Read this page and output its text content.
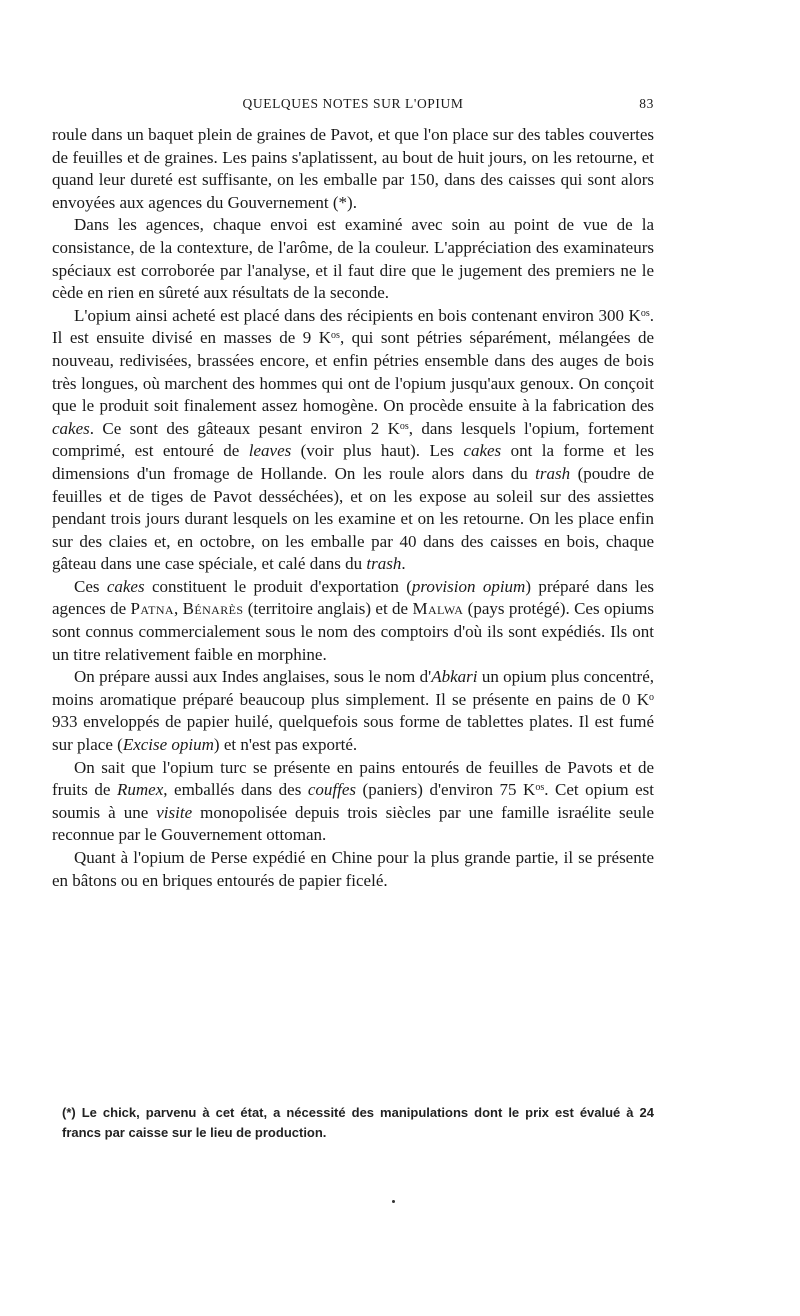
QUELQUES NOTES SUR L'OPIUM	83

roule dans un baquet plein de graines de Pavot, et que l'on place sur des tables couvertes de feuilles et de graines. Les pains s'aplatissent, au bout de huit jours, on les retourne, et quand leur dureté est suffisante, on les emballe par 150, dans des caisses qui sont alors envoyées aux agences du Gouvernement (*).

Dans les agences, chaque envoi est examiné avec soin au point de vue de la consistance, de la contexture, de l'arôme, de la couleur. L'appréciation des examinateurs spéciaux est corroborée par l'analyse, et il faut dire que le jugement des premiers ne le cède en rien en sûreté aux résultats de la seconde.

L'opium ainsi acheté est placé dans des récipients en bois contenant environ 300 $K^{os}$. Il est ensuite divisé en masses de 9 $K^{os}$, qui sont pétries séparément, mélangées de nouveau, redivisées, brassées encore, et enfin pétries ensemble dans des auges de bois très longues, où marchent des hommes qui ont de l'opium jusqu'aux genoux. On conçoit que le produit soit finalement assez homogène. On procède ensuite à la fabrication des cakes. Ce sont des gâteaux pesant environ 2 $K^{os}$, dans lesquels l'opium, fortement comprimé, est entouré de leaves (voir plus haut). Les cakes ont la forme et les dimensions d'un fromage de Hollande. On les roule alors dans du trash (poudre de feuilles et de tiges de Pavot desséchées), et on les expose au soleil sur des assiettes pendant trois jours durant lesquels on les examine et on les retourne. On les place enfin sur des claies et, en octobre, on les emballe par 40 dans des caisses en bois, chaque gâteau dans une case spéciale, et calé dans du trash.

Ces cakes constituent le produit d'exportation (provision opium) préparé dans les agences de Patna, Bénarès (territoire anglais) et de Malwa (pays protégé). Ces opiums sont connus commercialement sous le nom des comptoirs d'où ils sont expédiés. Ils ont un titre relativement faible en morphine.

On prépare aussi aux Indes anglaises, sous le nom d'Abkari un opium plus concentré, moins aromatique préparé beaucoup plus simplement. Il se présente en pains de 0 $K^o$ 933 enveloppés de papier huilé, quelquefois sous forme de tablettes plates. Il est fumé sur place (Excise opium) et n'est pas exporté.

On sait que l'opium turc se présente en pains entourés de feuilles de Pavots et de fruits de Rumex, emballés dans des couffes (paniers) d'environ 75 $K^{os}$. Cet opium est soumis à une visite monopolisée depuis trois siècles par une famille israélite seule reconnue par le Gouvernement ottoman.

Quant à l'opium de Perse expédié en Chine pour la plus grande partie, il se présente en bâtons ou en briques entourés de papier ficelé.

(*) Le chick, parvenu à cet état, a nécessité des manipulations dont le prix est évalué à 24 francs par caisse sur le lieu de production.
